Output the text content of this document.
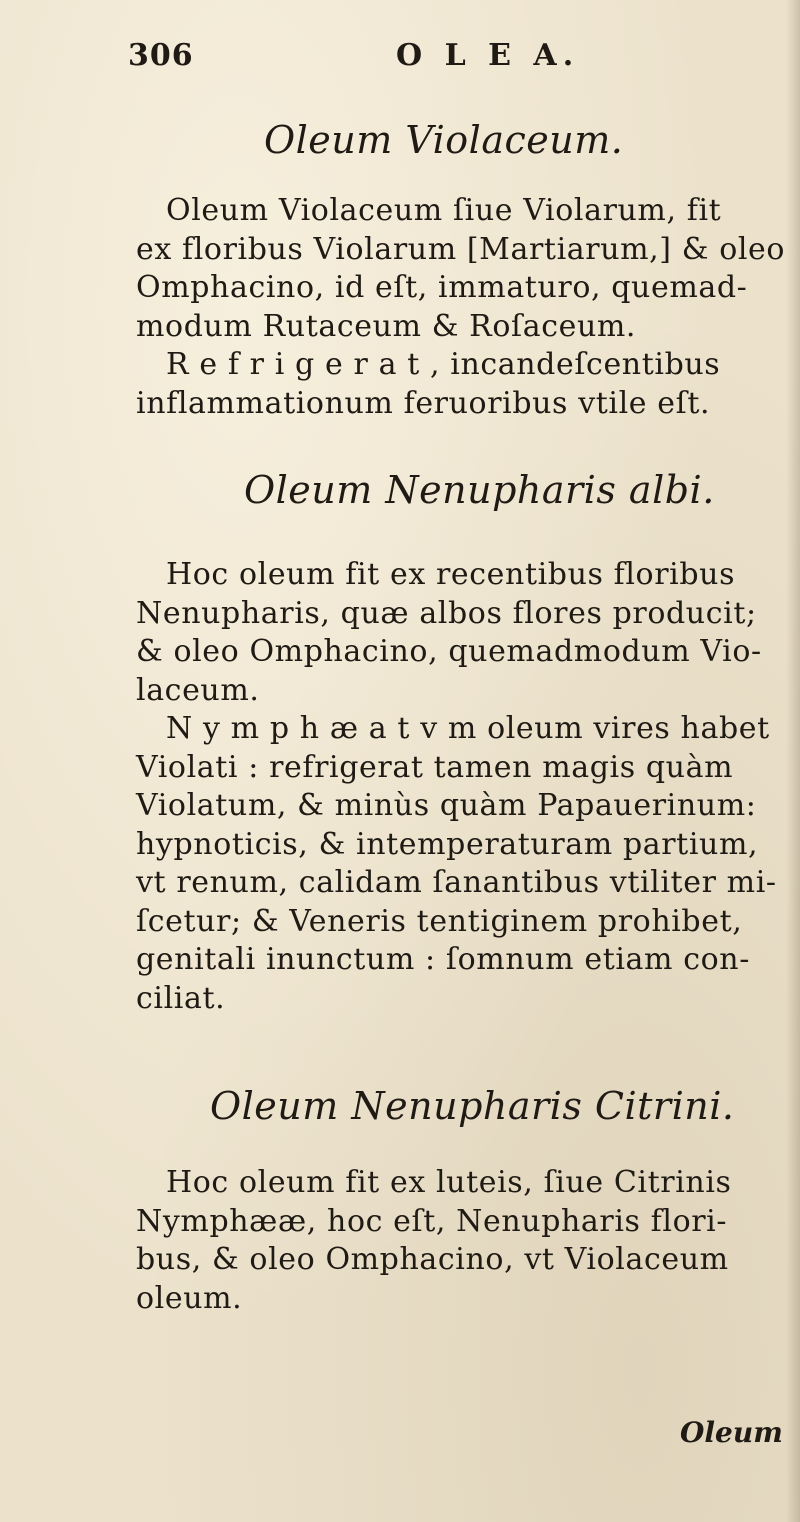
306	O L E A.
Oleum Violaceum.
Oleum Violaceum ſiue Violarum, fit
ex floribus Violarum [Martiarum,] & oleo
Omphacino, id eſt, immaturo, quemad-
modum Rutaceum & Roſaceum.
R e f r i g e r a t , incandeſcentibus
inflammationum feruoribus vtile eſt.
Oleum Nenupharis albi.
Hoc oleum fit ex recentibus floribus
Nenupharis, quæ albos flores producit;
& oleo Omphacino, quemadmodum Vio-
laceum.
N y m p h æ a t v m oleum vires habet
Violati : refrigerat tamen magis quàm
Violatum, & minùs quàm Papauerinum:
hypnoticis, & intemperaturam partium,
vt renum, calidam ſanantibus vtiliter mi-
ſcetur; & Veneris tentiginem prohibet,
genitali inunctum : ſomnum etiam con-
ciliat.
Oleum Nenupharis Citrini.
Hoc oleum fit ex luteis, ſiue Citrinis
Nymphææ, hoc eſt, Nenupharis flori-
bus, & oleo Omphacino, vt Violaceum
oleum.
Oleum
